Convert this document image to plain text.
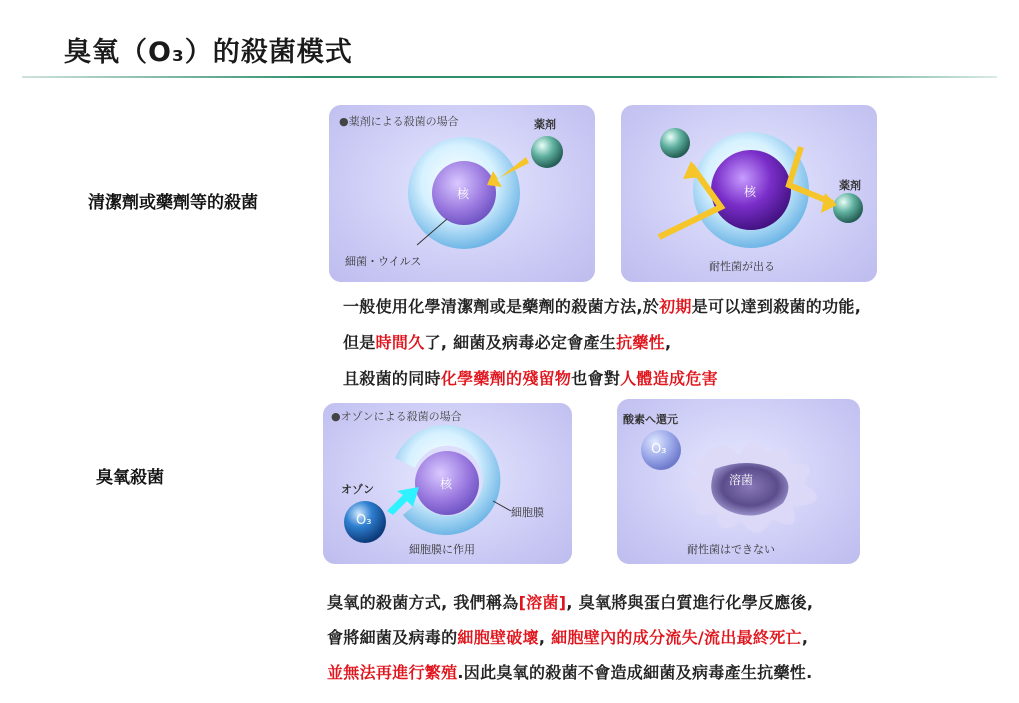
臭氧（O₃）的殺菌模式
清潔劑或藥劑等的殺菌
臭氧殺菌
●薬剤による殺菌の場合	薬剤
核
細菌・ウイルス
核	薬剤
耐性菌が出る
●オゾンによる殺菌の場合
オゾン
O₃
核
細胞膜
細胞膜に作用
酸素へ還元
O₃
溶菌
耐性菌はできない
一般使用化學清潔劑或是藥劑的殺菌方法,於初期是可以達到殺菌的功能,
但是時間久了, 細菌及病毒必定會產生抗藥性,
且殺菌的同時化學藥劑的殘留物也會對人體造成危害
臭氧的殺菌方式, 我們稱為[溶菌], 臭氧將與蛋白質進行化學反應後,
會將細菌及病毒的細胞壁破壞, 細胞壁內的成分流失/流出最終死亡,
並無法再進行繁殖.因此臭氧的殺菌不會造成細菌及病毒產生抗藥性.
